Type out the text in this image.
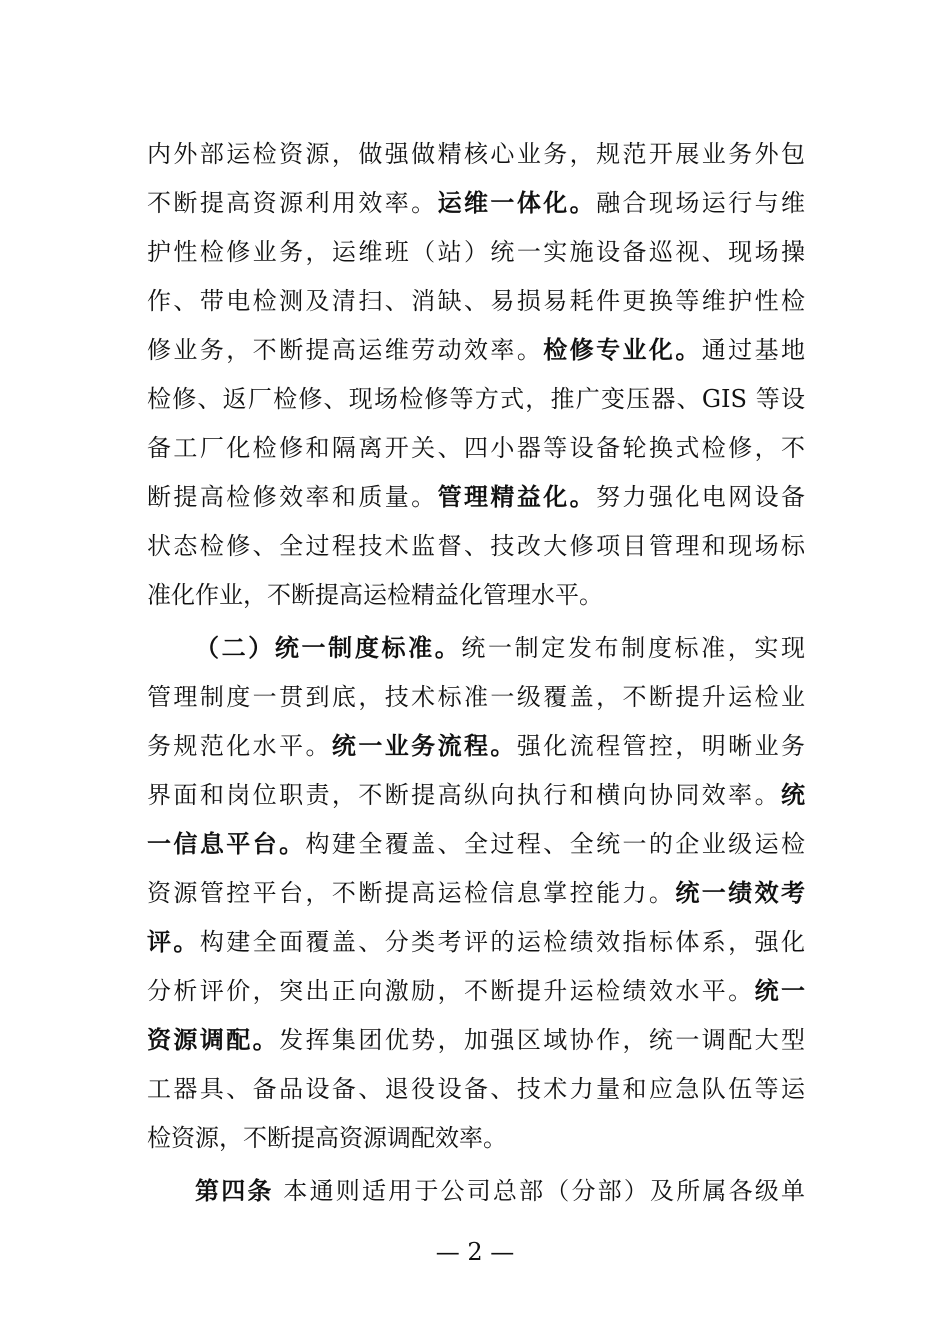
内外部运检资源，做强做精核心业务，规范开展业务外包
不断提高资源利用效率。运维一体化。融合现场运行与维
护性检修业务，运维班（站）统一实施设备巡视、现场操
作、带电检测及清扫、消缺、易损易耗件更换等维护性检
修业务，不断提高运维劳动效率。检修专业化。通过基地
检修、返厂检修、现场检修等方式，推广变压器、GIS 等设
备工厂化检修和隔离开关、四小器等设备轮换式检修，不
断提高检修效率和质量。管理精益化。努力强化电网设备
状态检修、全过程技术监督、技改大修项目管理和现场标
准化作业，不断提高运检精益化管理水平。
（二）统一制度标准。统一制定发布制度标准，实现
管理制度一贯到底，技术标准一级覆盖，不断提升运检业
务规范化水平。统一业务流程。强化流程管控，明晰业务
界面和岗位职责，不断提高纵向执行和横向协同效率。统
一信息平台。构建全覆盖、全过程、全统一的企业级运检
资源管控平台，不断提高运检信息掌控能力。统一绩效考
评。构建全面覆盖、分类考评的运检绩效指标体系，强化
分析评价，突出正向激励，不断提升运检绩效水平。统一
资源调配。发挥集团优势，加强区域协作，统一调配大型
工器具、备品设备、退役设备、技术力量和应急队伍等运
检资源，不断提高资源调配效率。
第四条 本通则适用于公司总部（分部）及所属各级单
— 2 —
